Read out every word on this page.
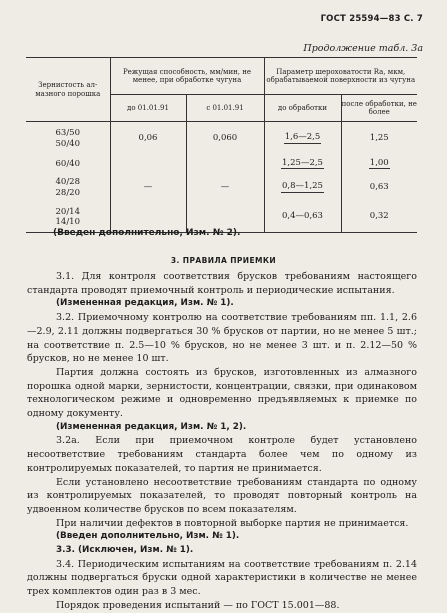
ГОСТ 25594—83 С. 7
Продолжение табл. 3а
Зернистость ал-мазного порошка	Режущая способность, мм/мин, не менее, при обработке чугуна		Параметр шероховатости Ra, мкм, обрабатываемой поверхности из чугуна	
	до 01.01.91	с 01.01.91	до обработки	после обработки, не более

63/50
50/40	0,06	0,060	1,6—2,5	1,25
60/40			1,25—2,5	1,00

40/28
28/20	—	—	0,8—1,25	0,63

20/14
14/10			0,4—0,63	0,32
(Введен дополнительно, Изм. № 2).
3. ПРАВИЛА ПРИЕМКИ

3.1. Для контроля соответствия брусков требованиям настоящего стандарта проводят приемочный контроль и периодические испытания.

(Измененная редакция, Изм. № 1).

3.2. Приемочному контролю на соответствие требованиям пп. 1.1, 2.6—2.9, 2.11 должны подвергаться 30 % брусков от партии, но не менее 5 шт.; на соответствие п. 2.5—10 % брусков, но не менее 3 шт. и п. 2.12—50 % брусков, но не менее 10 шт.

Партия должна состоять из брусков, изготовленных из алмазного порошка одной марки, зернистости, концентрации, связки, при одинаковом технологическом режиме и одновременно предъявляемых к приемке по одному документу.

(Измененная редакция, Изм. № 1, 2).

3.2а. Если при приемочном контроле будет установлено несоответствие требованиям стандарта более чем по одному из контролируемых показателей, то партия не принимается.

Если установлено несоответствие требованиям стандарта по одному из контролируемых показателей, то проводят повторный контроль на удвоенном количестве брусков по всем показателям.

При наличии дефектов в повторной выборке партия не принимается.

(Введен дополнительно, Изм. № 1).

3.3. (Исключен, Изм. № 1).

3.4. Периодическим испытаниям на соответствие требованиям п. 2.14 должны подвергаться бруски одной характеристики в количестве не менее трех комплектов один раз в 3 мес.

Порядок проведения испытаний — по ГОСТ 15.001—88.
